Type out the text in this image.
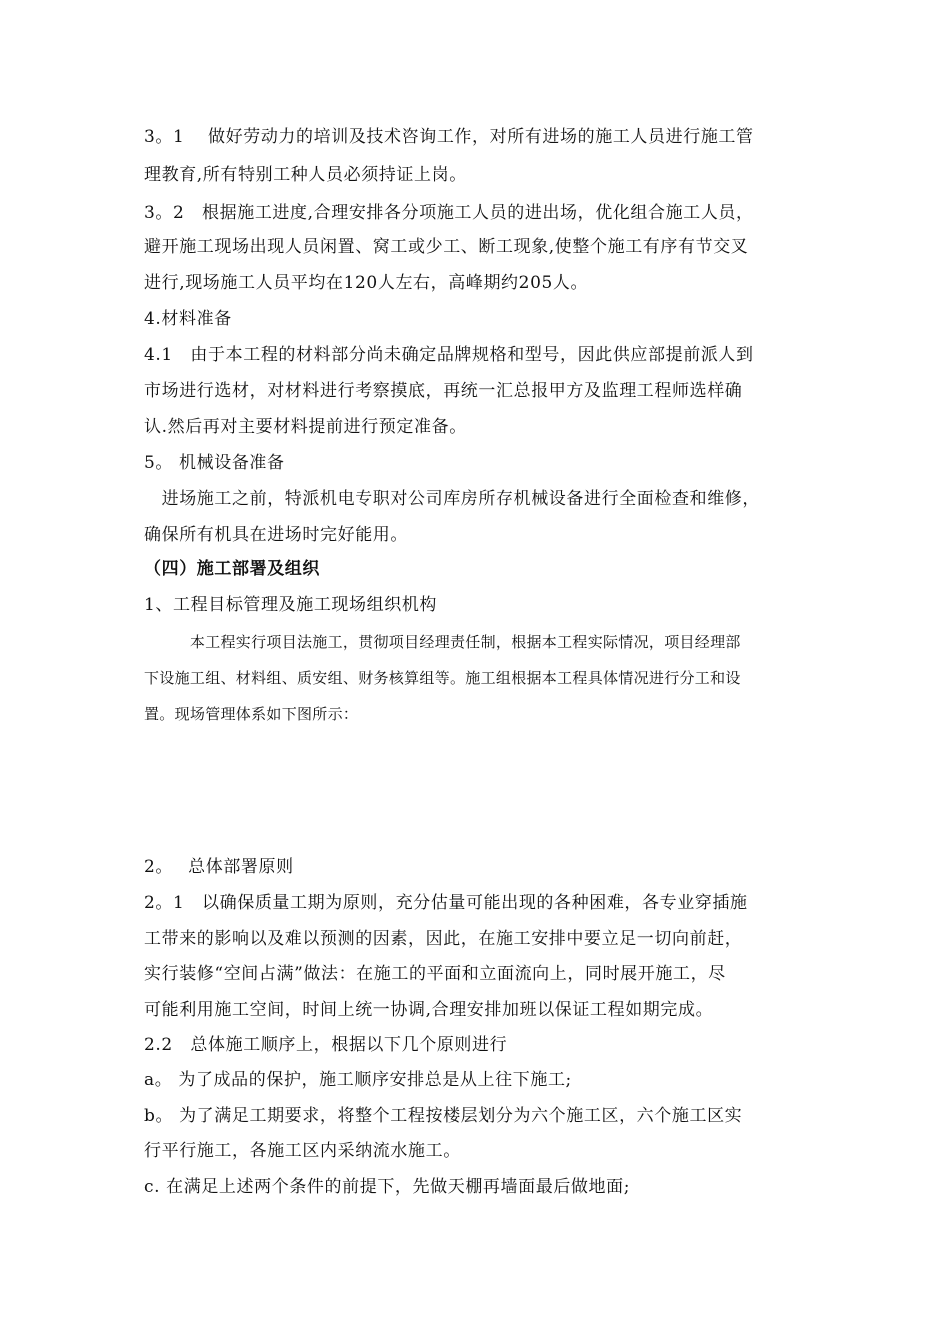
3。1　 做好劳动力的培训及技术咨询工作，对所有进场的施工人员进行施工管
理教育,所有特别工种人员必须持证上岗。
3。2　根据施工进度,合理安排各分项施工人员的进出场，优化组合施工人员，
避开施工现场出现人员闲置、窝工或少工、断工现象,使整个施工有序有节交叉
进行,现场施工人员平均在120人左右，高峰期约205人。
4.材料准备
4.1　由于本工程的材料部分尚未确定品牌规格和型号，因此供应部提前派人到
市场进行选材，对材料进行考察摸底，再统一汇总报甲方及监理工程师选样确
认.然后再对主要材料提前进行预定准备。
5。 机械设备准备
　进场施工之前，特派机电专职对公司库房所存机械设备进行全面检查和维修，
确保所有机具在进场时完好能用。
（四）施工部署及组织
1、工程目标管理及施工现场组织机构
　　　本工程实行项目法施工，贯彻项目经理责任制，根据本工程实际情况，项目经理部
下设施工组、材料组、质安组、财务核算组等。施工组根据本工程具体情况进行分工和设
置。现场管理体系如下图所示：
2。　 总体部署原则
2。1　以确保质量工期为原则，充分估量可能出现的各种困难，各专业穿插施
工带来的影响以及难以预测的因素，因此，在施工安排中要立足一切向前赶，
实行装修“空间占满”做法：在施工的平面和立面流向上，同时展开施工，尽
可能利用施工空间，时间上统一协调,合理安排加班以保证工程如期完成。
2.2　总体施工顺序上，根据以下几个原则进行
a。 为了成品的保护，施工顺序安排总是从上往下施工;
b。 为了满足工期要求，将整个工程按楼层划分为六个施工区，六个施工区实
行平行施工，各施工区内采纳流水施工。
c. 在满足上述两个条件的前提下，先做天棚再墙面最后做地面;
